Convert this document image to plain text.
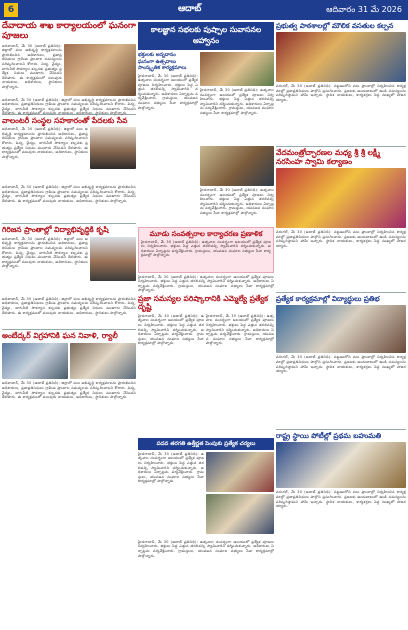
6	ఆదాబ్	ఆదివారం 31 మే 2026
దేవాదాయ శాఖ కార్యాలయంలో ఘనంగా పూజలు
అదిలాబాద్, మే 30 (ఆదాబ్ ప్రతినిధి): జిల్లాలో పలు అభివృద్ధి కార్యక్రమాలను ప్రారంభించిన అధికారులు, ప్రజాప్రతినిధులు గ్రామీణ ప్రాంతాల సమస్యలను పరిష్కరించాలని కోరారు. విద్య, వైద్యం, తాగునీటి సౌకర్యాల కల్పనకు ప్రభుత్వం ప్రత్యేక నిధులు మంజూరు చేసిందని తెలిపారు. ఈ కార్యక్రమంలో పలువురు నాయకులు, అధికారులు, స్థానికులు పాల్గొన్నారు.
అదిలాబాద్, మే 30 (ఆదాబ్ ప్రతినిధి): జిల్లాలో పలు అభివృద్ధి కార్యక్రమాలను ప్రారంభించిన అధికారులు, ప్రజాప్రతినిధులు గ్రామీణ ప్రాంతాల సమస్యలను పరిష్కరించాలని కోరారు. విద్య, వైద్యం, తాగునీటి సౌకర్యాల కల్పనకు ప్రభుత్వం ప్రత్యేక నిధులు మంజూరు చేసిందని తెలిపారు. ఈ కార్యక్రమంలో పలువురు నాయకులు, అధికారులు, స్థానికులు పాల్గొన్నారు.
వాలంటరీ సంస్థల సహకారంతో పేదలకు సేవ
అదిలాబాద్, మే 30 (ఆదాబ్ ప్రతినిధి): జిల్లాలో పలు అభివృద్ధి కార్యక్రమాలను ప్రారంభించిన అధికారులు, ప్రజాప్రతినిధులు గ్రామీణ ప్రాంతాల సమస్యలను పరిష్కరించాలని కోరారు. విద్య, వైద్యం, తాగునీటి సౌకర్యాల కల్పనకు ప్రభుత్వం ప్రత్యేక నిధులు మంజూరు చేసిందని తెలిపారు. ఈ కార్యక్రమంలో పలువురు నాయకులు, అధికారులు, స్థానికులు పాల్గొన్నారు.
అదిలాబాద్, మే 30 (ఆదాబ్ ప్రతినిధి): జిల్లాలో పలు అభివృద్ధి కార్యక్రమాలను ప్రారంభించిన అధికారులు, ప్రజాప్రతినిధులు గ్రామీణ ప్రాంతాల సమస్యలను పరిష్కరించాలని కోరారు. విద్య, వైద్యం, తాగునీటి సౌకర్యాల కల్పనకు ప్రభుత్వం ప్రత్యేక నిధులు మంజూరు చేసిందని తెలిపారు. ఈ కార్యక్రమంలో పలువురు నాయకులు, అధికారులు, స్థానికులు పాల్గొన్నారు.
గిరిజన ప్రాంతాల్లో విద్యాభివృద్ధికి కృషి
అదిలాబాద్, మే 30 (ఆదాబ్ ప్రతినిధి): జిల్లాలో పలు అభివృద్ధి కార్యక్రమాలను ప్రారంభించిన అధికారులు, ప్రజాప్రతినిధులు గ్రామీణ ప్రాంతాల సమస్యలను పరిష్కరించాలని కోరారు. విద్య, వైద్యం, తాగునీటి సౌకర్యాల కల్పనకు ప్రభుత్వం ప్రత్యేక నిధులు మంజూరు చేసిందని తెలిపారు. ఈ కార్యక్రమంలో పలువురు నాయకులు, అధికారులు, స్థానికులు పాల్గొన్నారు.
అదిలాబాద్, మే 30 (ఆదాబ్ ప్రతినిధి): జిల్లాలో పలు అభివృద్ధి కార్యక్రమాలను ప్రారంభించిన అధికారులు, ప్రజాప్రతినిధులు గ్రామీణ ప్రాంతాల సమస్యలను పరిష్కరించాలని కోరారు. విద్య, వైద్యం, తాగునీటి సౌకర్యాల కల్పనకు ప్రభుత్వం ప్రత్యేక నిధులు మంజూరు చేసిందని తెలిపారు. ఈ కార్యక్రమంలో పలువురు నాయకులు, అధికారులు, స్థానికులు పాల్గొన్నారు.
అంబేద్కర్ విగ్రహానికి ఘన నివాళి, ర్యాలీ
అదిలాబాద్, మే 30 (ఆదాబ్ ప్రతినిధి): జిల్లాలో పలు అభివృద్ధి కార్యక్రమాలను ప్రారంభించిన అధికారులు, ప్రజాప్రతినిధులు గ్రామీణ ప్రాంతాల సమస్యలను పరిష్కరించాలని కోరారు. విద్య, వైద్యం, తాగునీటి సౌకర్యాల కల్పనకు ప్రభుత్వం ప్రత్యేక నిధులు మంజూరు చేసిందని తెలిపారు. ఈ కార్యక్రమంలో పలువురు నాయకులు, అధికారులు, స్థానికులు పాల్గొన్నారు.
కాలజ్ఞాన సభలకు పుష్పాల సువాసనల ఆహ్వానం
భక్తులకు అన్నదానం
ఘనంగా ఉత్సవాలు
సాంస్కృతిక కార్యక్రమాలు
హైదరాబాద్, మే 30 (ఆదాబ్ ప్రతినిధి): ఉత్సవాల సందర్భంగా ఆలయంలో ప్రత్యేక పూజలు నిర్వహించారు. భక్తులు పెద్ద ఎత్తున తరలివచ్చి స్వామివారిని దర్శించుకున్నారు. అధికారులు ఏర్పాట్లను పర్యవేక్షించారు. గ్రామస్తులు, యువజన సంఘాల సభ్యులు సేవా కార్యక్రమాల్లో పాల్గొన్నారు.
హైదరాబాద్, మే 30 (ఆదాబ్ ప్రతినిధి): ఉత్సవాల సందర్భంగా ఆలయంలో ప్రత్యేక పూజలు నిర్వహించారు. భక్తులు పెద్ద ఎత్తున తరలివచ్చి స్వామివారిని దర్శించుకున్నారు. అధికారులు ఏర్పాట్లను పర్యవేక్షించారు. గ్రామస్తులు, యువజన సంఘాల సభ్యులు సేవా కార్యక్రమాల్లో పాల్గొన్నారు.
హైదరాబాద్, మే 30 (ఆదాబ్ ప్రతినిధి): ఉత్సవాల సందర్భంగా ఆలయంలో ప్రత్యేక పూజలు నిర్వహించారు. భక్తులు పెద్ద ఎత్తున తరలివచ్చి స్వామివారిని దర్శించుకున్నారు. అధికారులు ఏర్పాట్లను పర్యవేక్షించారు. గ్రామస్తులు, యువజన సంఘాల సభ్యులు సేవా కార్యక్రమాల్లో పాల్గొన్నారు.
మూడు సంవత్సరాల కార్యాచరణ ప్రణాళిక
హైదరాబాద్, మే 30 (ఆదాబ్ ప్రతినిధి): ఉత్సవాల సందర్భంగా ఆలయంలో ప్రత్యేక పూజలు నిర్వహించారు. భక్తులు పెద్ద ఎత్తున తరలివచ్చి స్వామివారిని దర్శించుకున్నారు. అధికారులు ఏర్పాట్లను పర్యవేక్షించారు. గ్రామస్తులు, యువజన సంఘాల సభ్యులు సేవా కార్యక్రమాల్లో పాల్గొన్నారు.
హైదరాబాద్, మే 30 (ఆదాబ్ ప్రతినిధి): ఉత్సవాల సందర్భంగా ఆలయంలో ప్రత్యేక పూజలు నిర్వహించారు. భక్తులు పెద్ద ఎత్తున తరలివచ్చి స్వామివారిని దర్శించుకున్నారు. అధికారులు ఏర్పాట్లను పర్యవేక్షించారు. గ్రామస్తులు, యువజన సంఘాల సభ్యులు సేవా కార్యక్రమాల్లో పాల్గొన్నారు.
ప్రజా సమస్యల పరిష్కారానికి ఎమ్మెల్యే ప్రత్యేక దృష్టి
హైదరాబాద్, మే 30 (ఆదాబ్ ప్రతినిధి): ఉత్సవాల సందర్భంగా ఆలయంలో ప్రత్యేక పూజలు నిర్వహించారు. భక్తులు పెద్ద ఎత్తున తరలివచ్చి స్వామివారిని దర్శించుకున్నారు. అధికారులు ఏర్పాట్లను పర్యవేక్షించారు. గ్రామస్తులు, యువజన సంఘాల సభ్యులు సేవా కార్యక్రమాల్లో పాల్గొన్నారు.
హైదరాబాద్, మే 30 (ఆదాబ్ ప్రతినిధి): ఉత్సవాల సందర్భంగా ఆలయంలో ప్రత్యేక పూజలు నిర్వహించారు. భక్తులు పెద్ద ఎత్తున తరలివచ్చి స్వామివారిని దర్శించుకున్నారు. అధికారులు ఏర్పాట్లను పర్యవేక్షించారు. గ్రామస్తులు, యువజన సంఘాల సభ్యులు సేవా కార్యక్రమాల్లో పాల్గొన్నారు.
పదవ తరగతి ఉత్తీర్ణత పెంపుకు ప్రత్యేక చర్యలు
హైదరాబాద్, మే 30 (ఆదాబ్ ప్రతినిధి): ఉత్సవాల సందర్భంగా ఆలయంలో ప్రత్యేక పూజలు నిర్వహించారు. భక్తులు పెద్ద ఎత్తున తరలివచ్చి స్వామివారిని దర్శించుకున్నారు. అధికారులు ఏర్పాట్లను పర్యవేక్షించారు. గ్రామస్తులు, యువజన సంఘాల సభ్యులు సేవా కార్యక్రమాల్లో పాల్గొన్నారు.
హైదరాబాద్, మే 30 (ఆదాబ్ ప్రతినిధి): ఉత్సవాల సందర్భంగా ఆలయంలో ప్రత్యేక పూజలు నిర్వహించారు. భక్తులు పెద్ద ఎత్తున తరలివచ్చి స్వామివారిని దర్శించుకున్నారు. అధికారులు ఏర్పాట్లను పర్యవేక్షించారు. గ్రామస్తులు, యువజన సంఘాల సభ్యులు సేవా కార్యక్రమాల్లో పాల్గొన్నారు.
ప్రభుత్వ పాఠశాలల్లో మౌలిక వసతుల కల్పన
వరంగల్, మే 30 (ఆదాబ్ ప్రతినిధి): పట్టణంలోని పలు ప్రాంతాల్లో నిర్వహించిన కార్యక్రమాల్లో ప్రజాప్రతినిధులు పాల్గొని ప్రసంగించారు. ప్రజలకు అందుబాటులో ఉండి సమస్యలను పరిష్కరిస్తామని హామీ ఇచ్చారు. స్థానిక నాయకులు, కార్యకర్తలు పెద్ద సంఖ్యలో హాజరయ్యారు.
వేదమంత్రోచ్ఛారణల మధ్య శ్రీ శ్రీ లక్ష్మీ నరసింహ స్వామి కల్యాణం
వరంగల్, మే 30 (ఆదాబ్ ప్రతినిధి): పట్టణంలోని పలు ప్రాంతాల్లో నిర్వహించిన కార్యక్రమాల్లో ప్రజాప్రతినిధులు పాల్గొని ప్రసంగించారు. ప్రజలకు అందుబాటులో ఉండి సమస్యలను పరిష్కరిస్తామని హామీ ఇచ్చారు. స్థానిక నాయకులు, కార్యకర్తలు పెద్ద సంఖ్యలో హాజరయ్యారు.
ప్రత్యేక కార్యక్రమాల్లో విద్యార్థులు ప్రతిభ
వరంగల్, మే 30 (ఆదాబ్ ప్రతినిధి): పట్టణంలోని పలు ప్రాంతాల్లో నిర్వహించిన కార్యక్రమాల్లో ప్రజాప్రతినిధులు పాల్గొని ప్రసంగించారు. ప్రజలకు అందుబాటులో ఉండి సమస్యలను పరిష్కరిస్తామని హామీ ఇచ్చారు. స్థానిక నాయకులు, కార్యకర్తలు పెద్ద సంఖ్యలో హాజరయ్యారు.
రాష్ట్ర స్థాయి పోటీల్లో ప్రథమ బహుమతి
వరంగల్, మే 30 (ఆదాబ్ ప్రతినిధి): పట్టణంలోని పలు ప్రాంతాల్లో నిర్వహించిన కార్యక్రమాల్లో ప్రజాప్రతినిధులు పాల్గొని ప్రసంగించారు. ప్రజలకు అందుబాటులో ఉండి సమస్యలను పరిష్కరిస్తామని హామీ ఇచ్చారు. స్థానిక నాయకులు, కార్యకర్తలు పెద్ద సంఖ్యలో హాజరయ్యారు.
